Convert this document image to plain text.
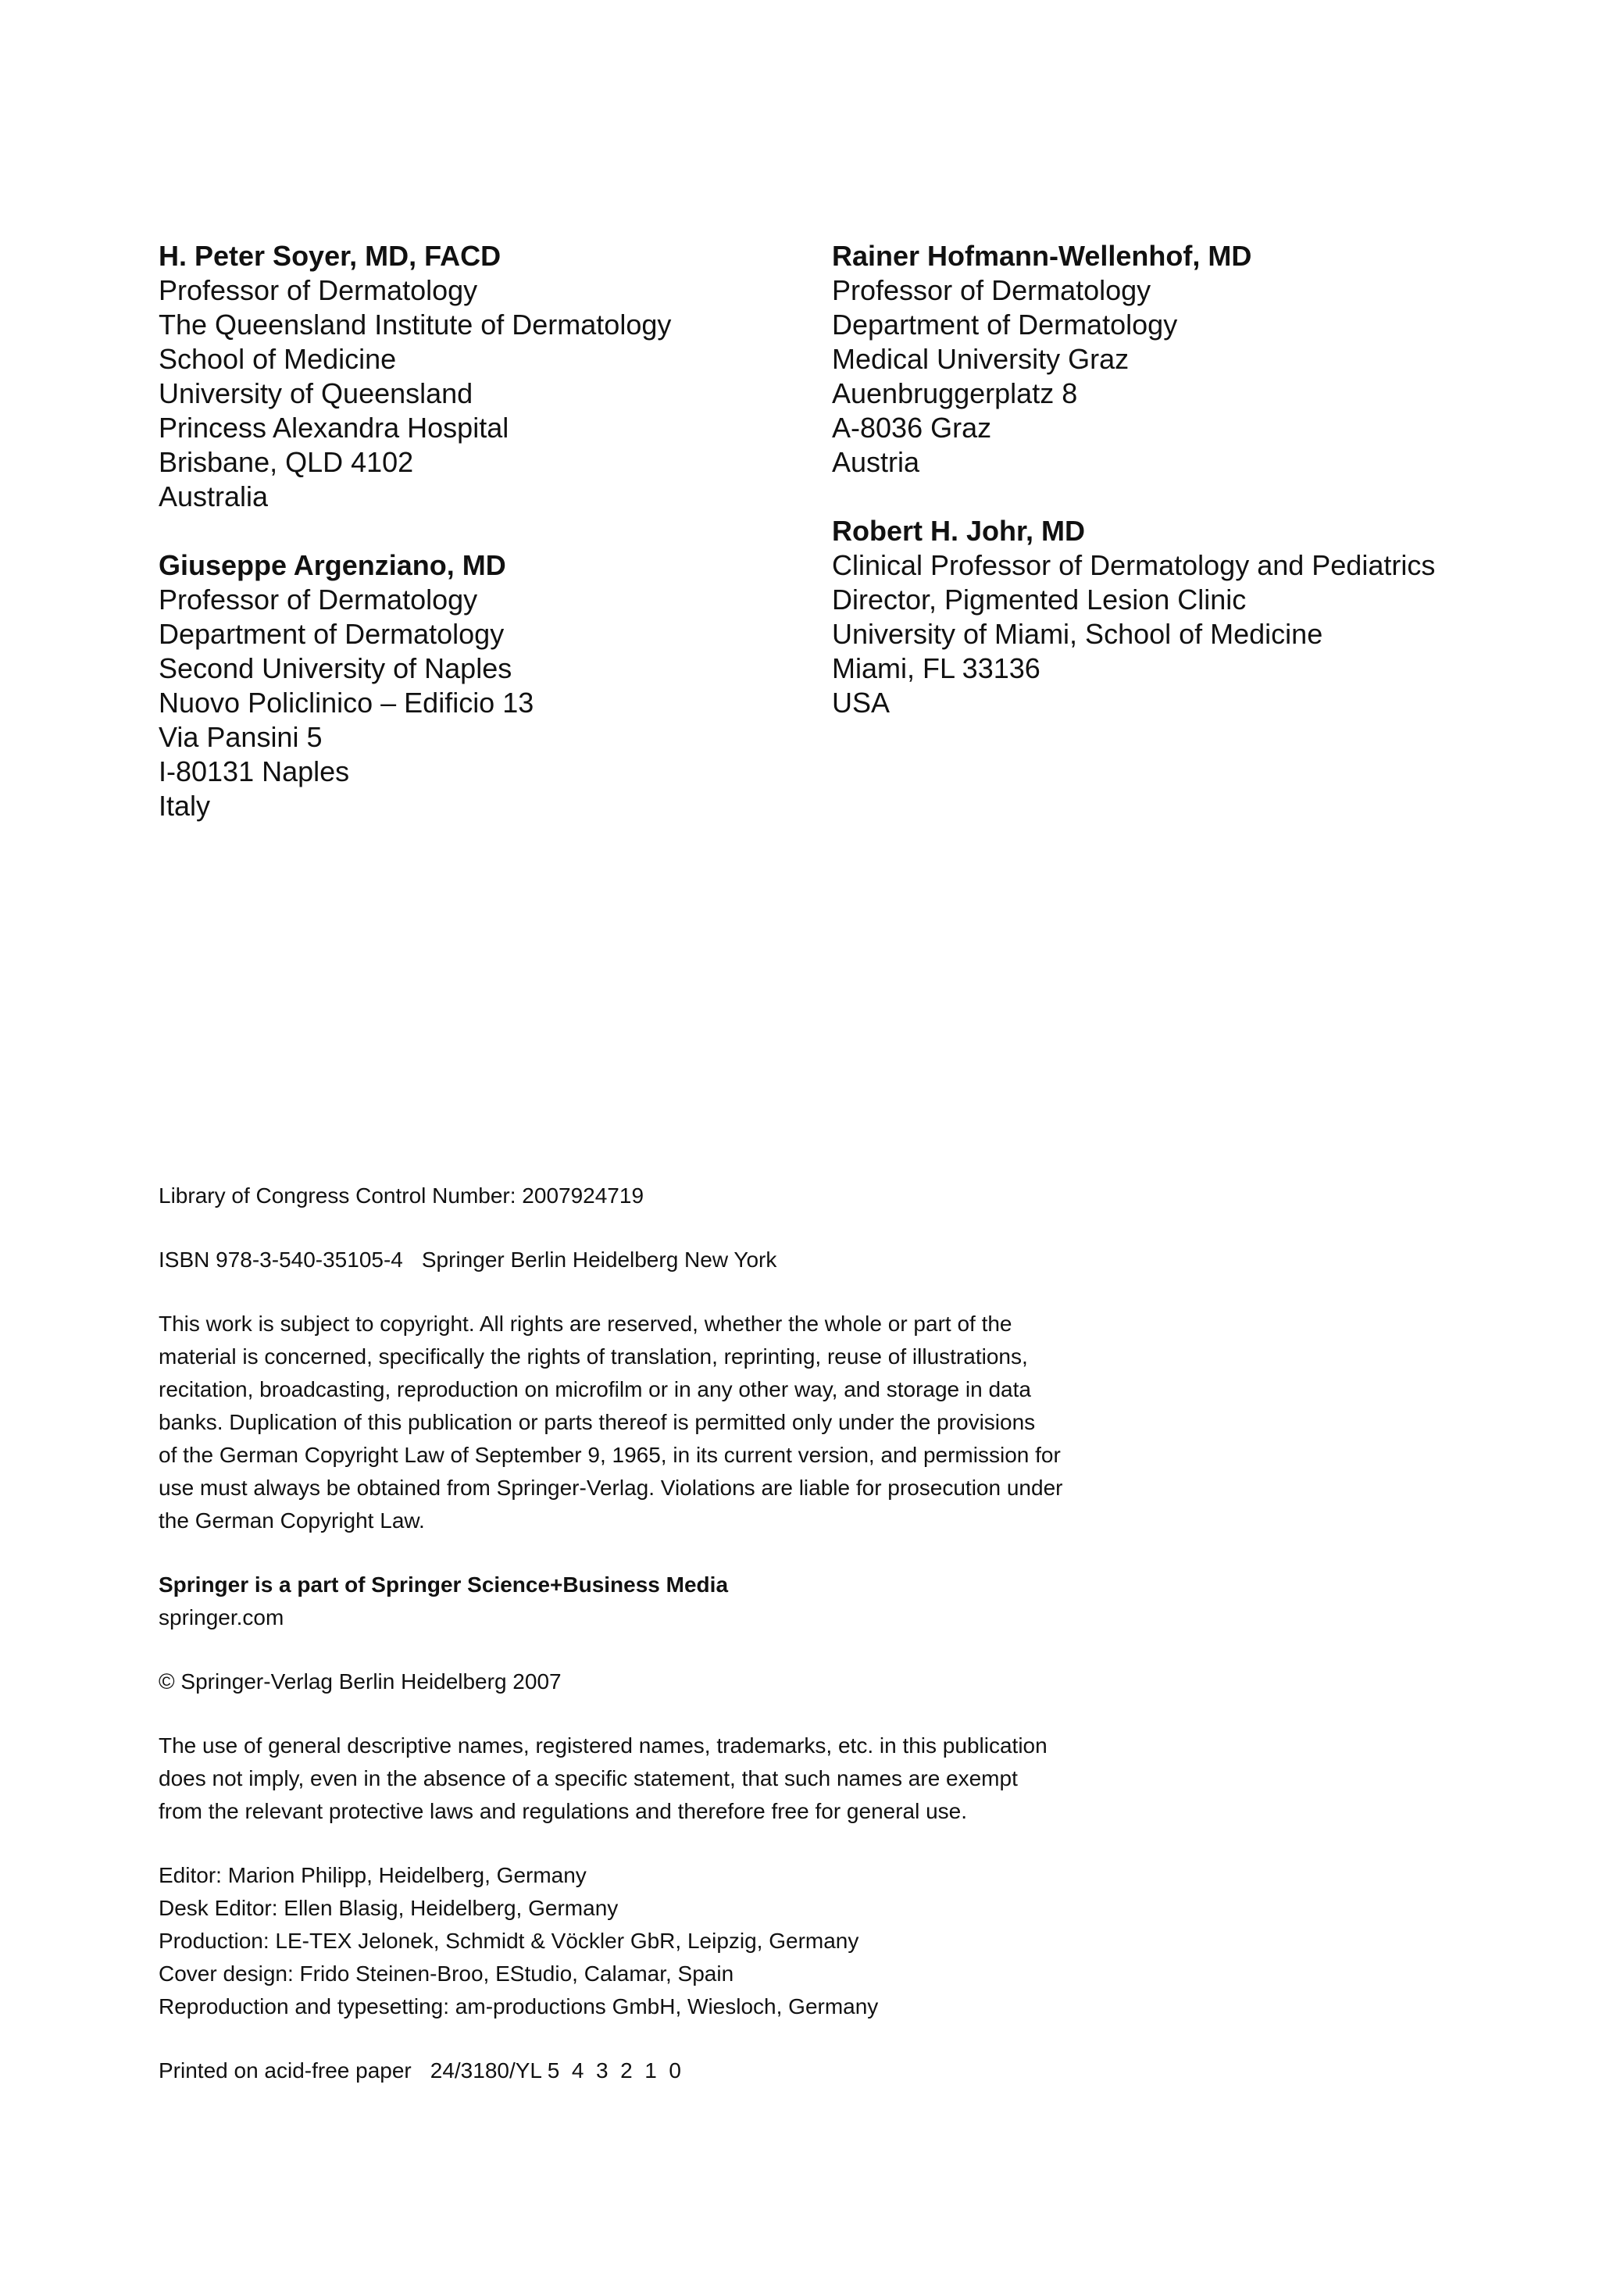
H. Peter Soyer, MD, FACD
Professor of Dermatology
The Queensland Institute of Dermatology
School of Medicine
University of Queensland
Princess Alexandra Hospital
Brisbane, QLD 4102
Australia
Giuseppe Argenziano, MD
Professor of Dermatology
Department of Dermatology
Second University of Naples
Nuovo Policlinico – Edificio 13
Via Pansini 5
I-80131 Naples
Italy
Rainer Hofmann-Wellenhof, MD
Professor of Dermatology
Department of Dermatology
Medical University Graz
Auenbruggerplatz 8
A-8036 Graz
Austria
Robert H. Johr, MD
Clinical Professor of Dermatology and Pediatrics
Director, Pigmented Lesion Clinic
University of Miami, School of Medicine
Miami, FL 33136
USA

Library of Congress Control Number: 2007924719

ISBN 978-3-540-35105-4 Springer Berlin Heidelberg New York

This work is subject to copyright. All rights are reserved, whether the whole or part of the
material is concerned, specifically the rights of translation, reprinting, reuse of illustrations,
recitation, broadcasting, reproduction on microfilm or in any other way, and storage in data
banks. Duplication of this publication or parts thereof is permitted only under the provisions
of the German Copyright Law of September 9, 1965, in its current version, and permission for
use must always be obtained from Springer-Verlag. Violations are liable for prosecution under
the German Copyright Law.

Springer is a part of Springer Science+Business Media
springer.com

© Springer-Verlag Berlin Heidelberg 2007

The use of general descriptive names, registered names, trademarks, etc. in this publication
does not imply, even in the absence of a specific statement, that such names are exempt
from the relevant protective laws and regulations and therefore free for general use.

Editor: Marion Philipp, Heidelberg, Germany
Desk Editor: Ellen Blasig, Heidelberg, Germany
Production: LE-TEX Jelonek, Schmidt & Vöckler GbR, Leipzig, Germany
Cover design: Frido Steinen-Broo, EStudio, Calamar, Spain
Reproduction and typesetting: am-productions GmbH, Wiesloch, Germany

Printed on acid-free paper 24/3180/YL 5  4  3  2  1  0
